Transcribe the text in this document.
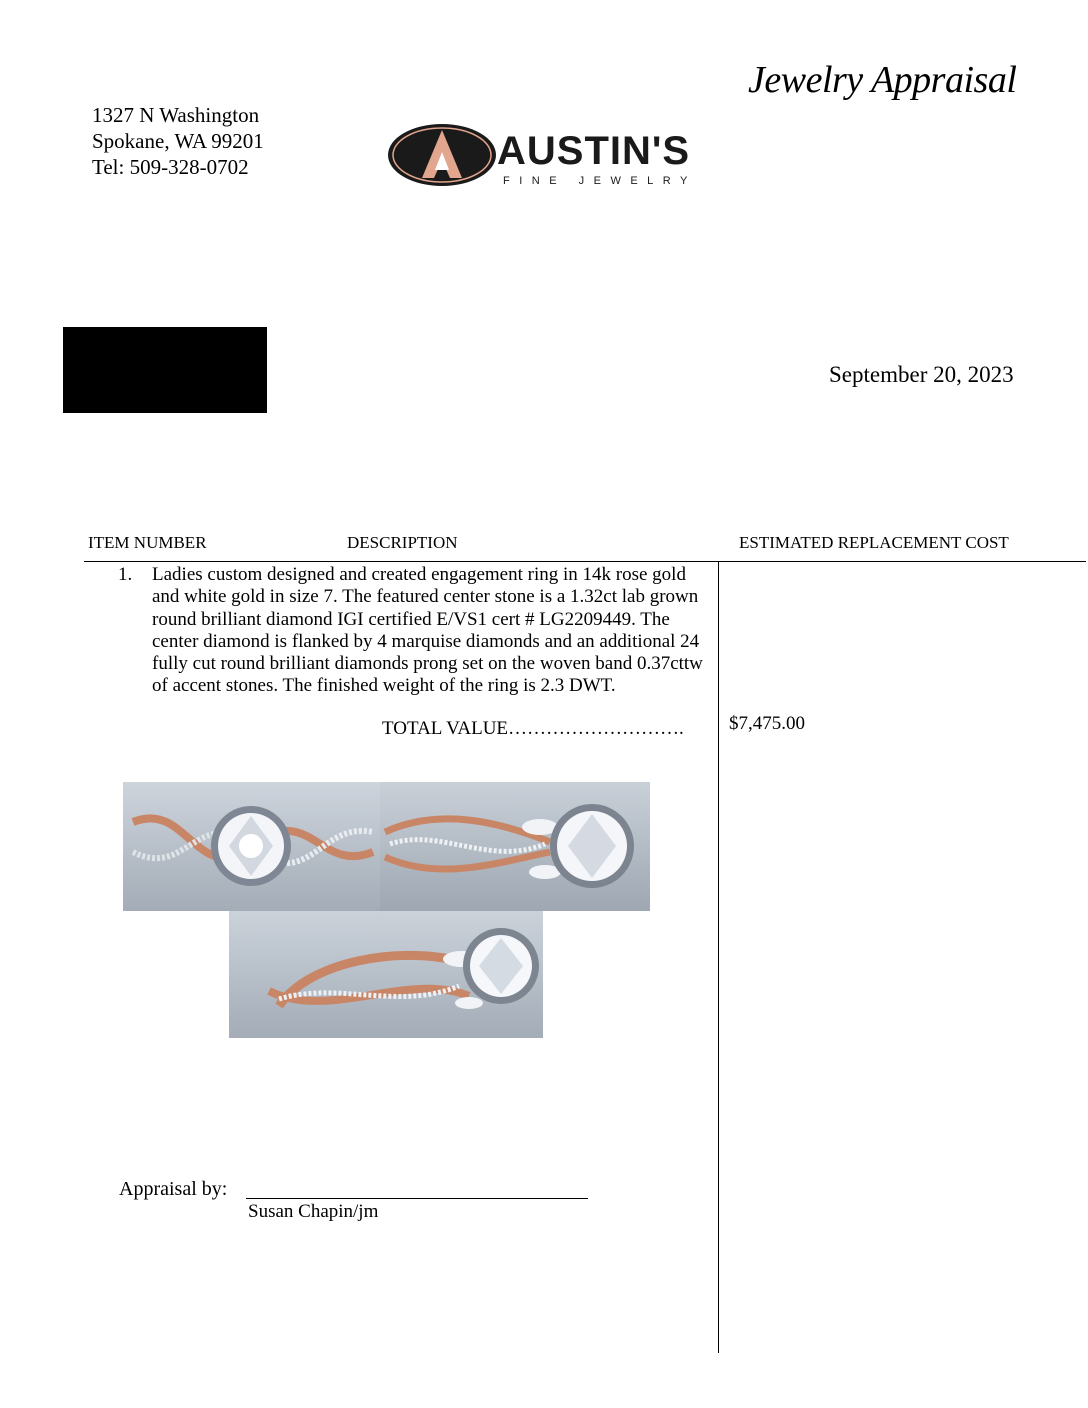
Jewelry Appraisal
1327 N Washington
Spokane, WA 99201
Tel: 509-328-0702	AUSTIN'S
FINE JEWELRY
September 20, 2023
ITEM NUMBER	DESCRIPTION	ESTIMATED REPLACEMENT COST
1. Ladies custom designed and created engagement ring in 14k rose gold and white gold in size 7. The featured center stone is a 1.32ct lab grown round brilliant diamond IGI certified E/VS1 cert # LG2209449. The center diamond is flanked by 4 marquise diamonds and an additional 24 fully cut round brilliant diamonds prong set on the woven band 0.37cttw of accent stones. The finished weight of the ring is 2.3 DWT.
TOTAL VALUE………………………. $7,475.00
Appraisal by:
Susan Chapin/jm
